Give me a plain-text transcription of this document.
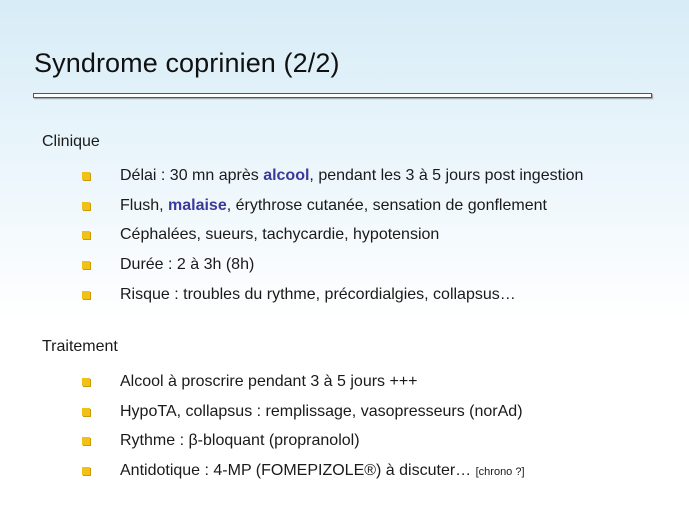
Syndrome coprinien (2/2)
Clinique
Délai : 30 mn après alcool, pendant les 3 à 5 jours post ingestion
Flush, malaise, érythrose cutanée, sensation de gonflement
Céphalées, sueurs, tachycardie, hypotension
Durée : 2 à 3h (8h)
Risque : troubles du rythme, précordialgies, collapsus…
Traitement
Alcool à proscrire pendant 3 à 5 jours +++
HypoTA, collapsus : remplissage, vasopresseurs (norAd)
Rythme : β-bloquant (propranolol)
Antidotique : 4-MP (FOMEPIZOLE®) à discuter… [chrono ?]
